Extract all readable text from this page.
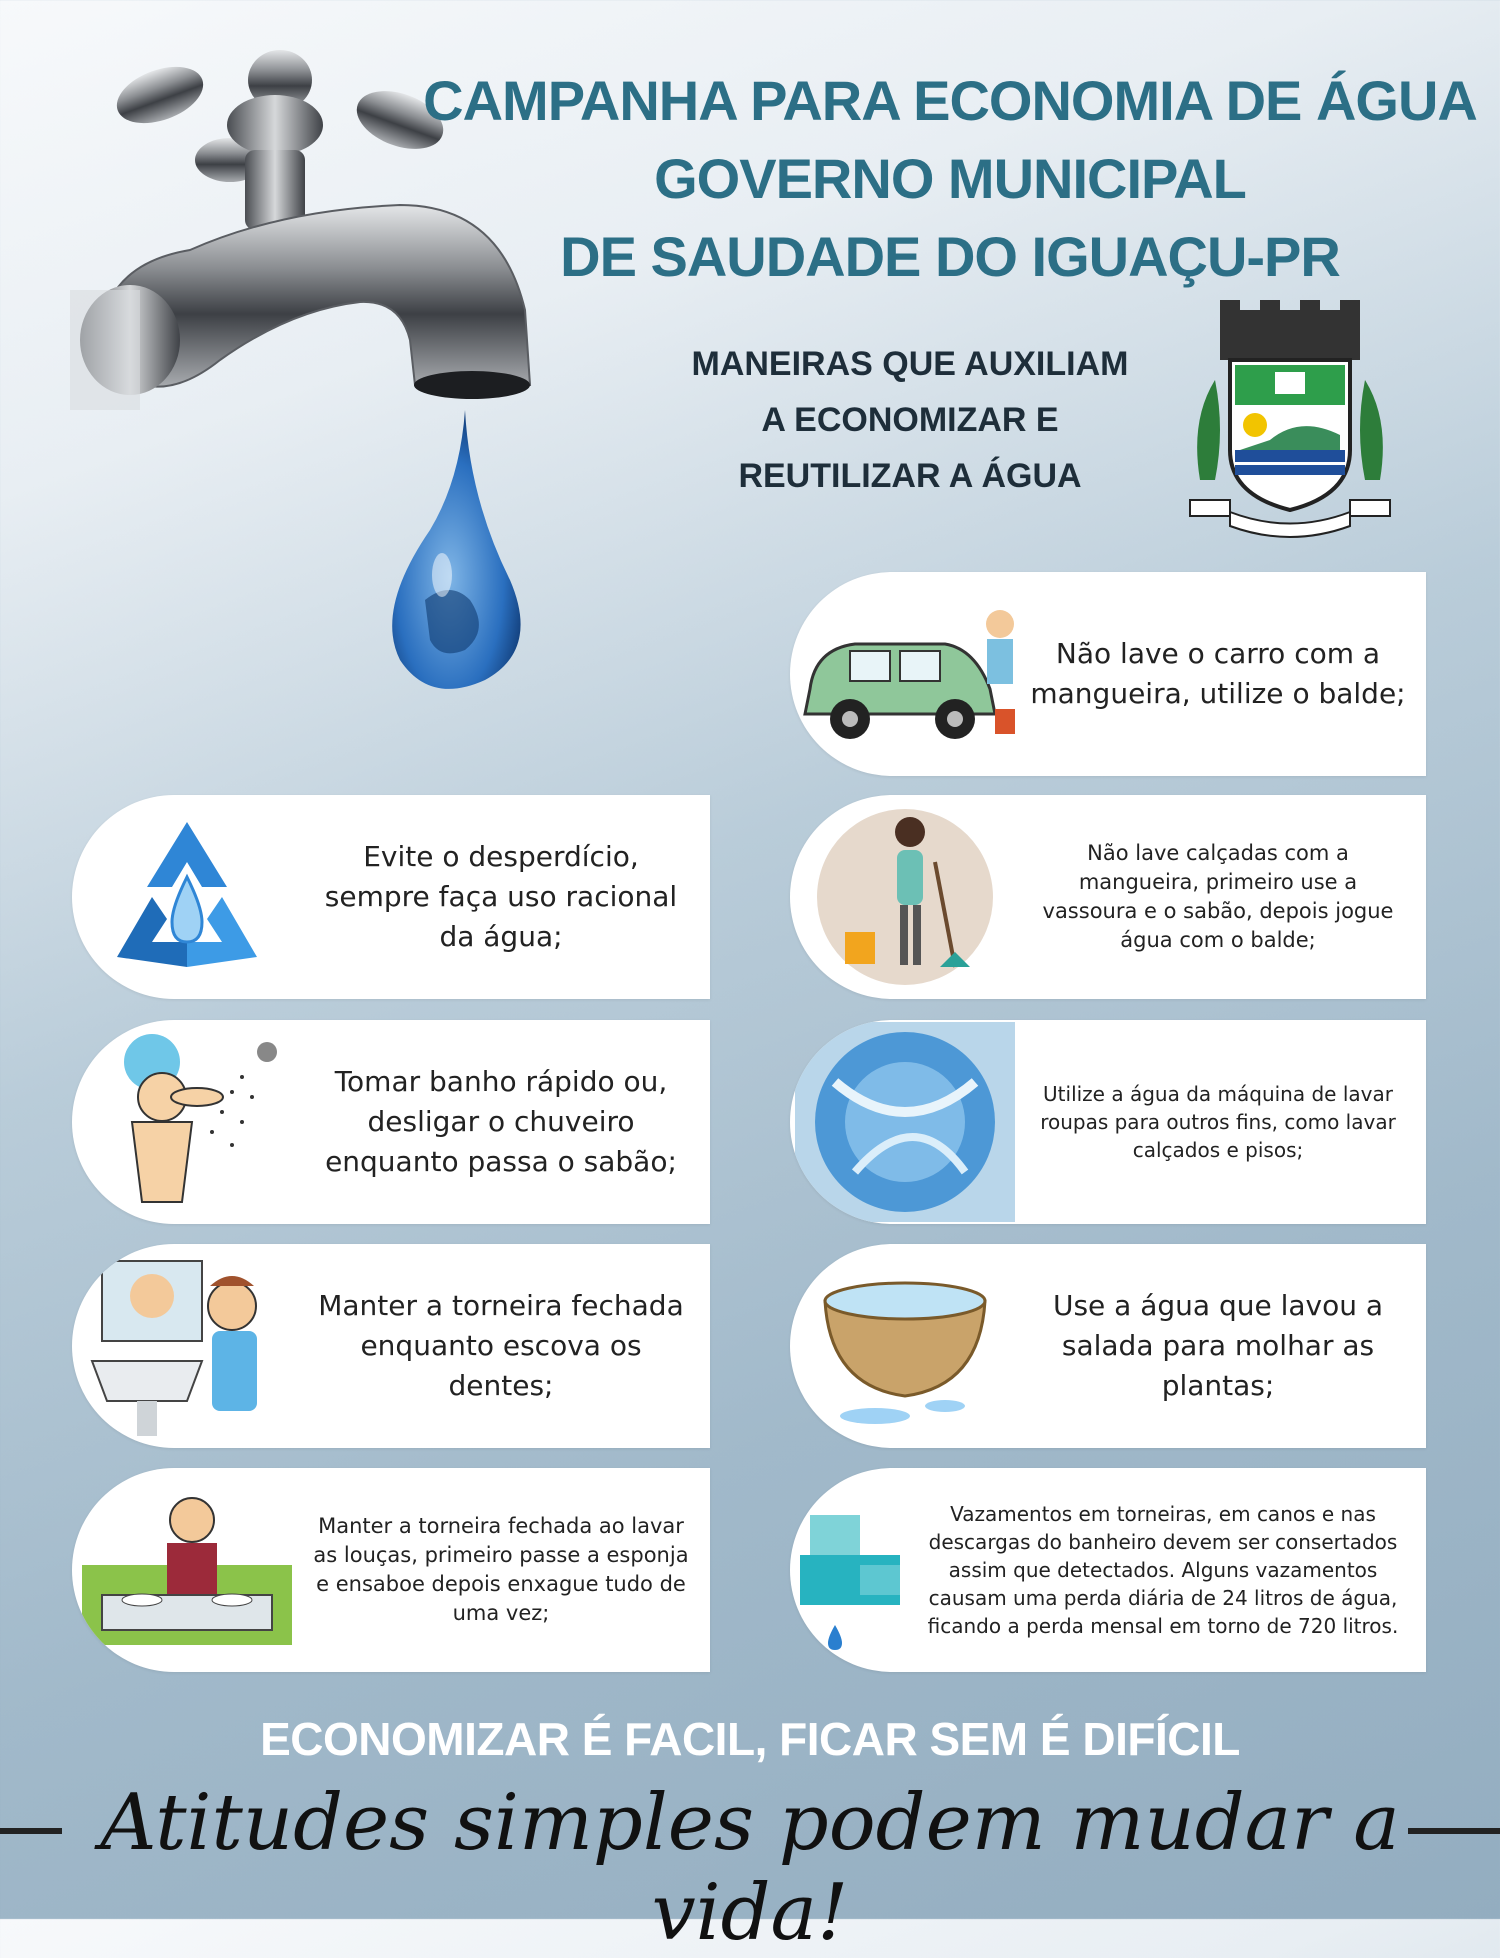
CAMPANHA PARA ECONOMIA DE ÁGUA
GOVERNO MUNICIPAL
DE SAUDADE DO IGUAÇU-PR
MANEIRAS QUE AUXILIAM
A ECONOMIZAR E
REUTILIZAR A ÁGUA
Não lave o carro com a mangueira, utilize o balde;
Evite o desperdício, sempre faça uso racional da água;
Não lave calçadas com a mangueira, primeiro use a vassoura e o sabão, depois jogue água com o balde;
Tomar banho rápido ou, desligar o chuveiro enquanto passa o sabão;
Utilize a água da máquina de lavar roupas para outros fins, como lavar calçados e pisos;
Manter a torneira fechada enquanto escova os dentes;
Use a água que lavou a salada para molhar as plantas;
Manter a torneira fechada ao lavar as louças, primeiro passe a esponja e ensaboe depois enxague tudo de uma vez;
Vazamentos em torneiras, em canos e nas descargas do banheiro devem ser consertados assim que detectados. Alguns vazamentos causam uma perda diária de 24 litros de água, ficando a perda mensal em torno de 720 litros.
ECONOMIZAR É FACIL, FICAR SEM É DIFÍCIL
Atitudes simples podem mudar a vida!
